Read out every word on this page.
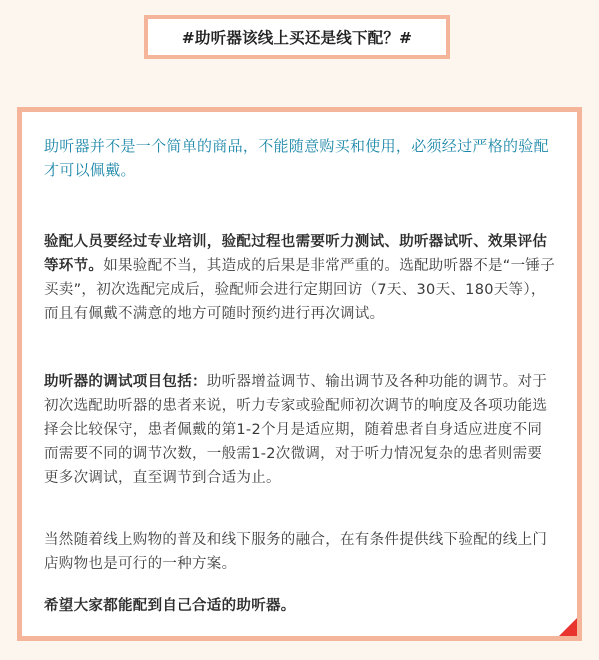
#助听器该线上买还是线下配？#

助听器并不是一个简单的商品，不能随意购买和使用，必须经过严格的验配才可以佩戴。

验配人员要经过专业培训，验配过程也需要听力测试、助听器试听、效果评估等环节。如果验配不当，其造成的后果是非常严重的。选配助听器不是“一锤子买卖”，初次选配完成后，验配师会进行定期回访（7天、30天、180天等），而且有佩戴不满意的地方可随时预约进行再次调试。

助听器的调试项目包括：助听器增益调节、输出调节及各种功能的调节。对于初次选配助听器的患者来说，听力专家或验配师初次调节的响度及各项功能选择会比较保守，患者佩戴的第1-2个月是适应期，随着患者自身适应进度不同而需要不同的调节次数，一般需1-2次微调，对于听力情况复杂的患者则需要更多次调试，直至调节到合适为止。

当然随着线上购物的普及和线下服务的融合，在有条件提供线下验配的线上门店购物也是可行的一种方案。

希望大家都能配到自己合适的助听器。
